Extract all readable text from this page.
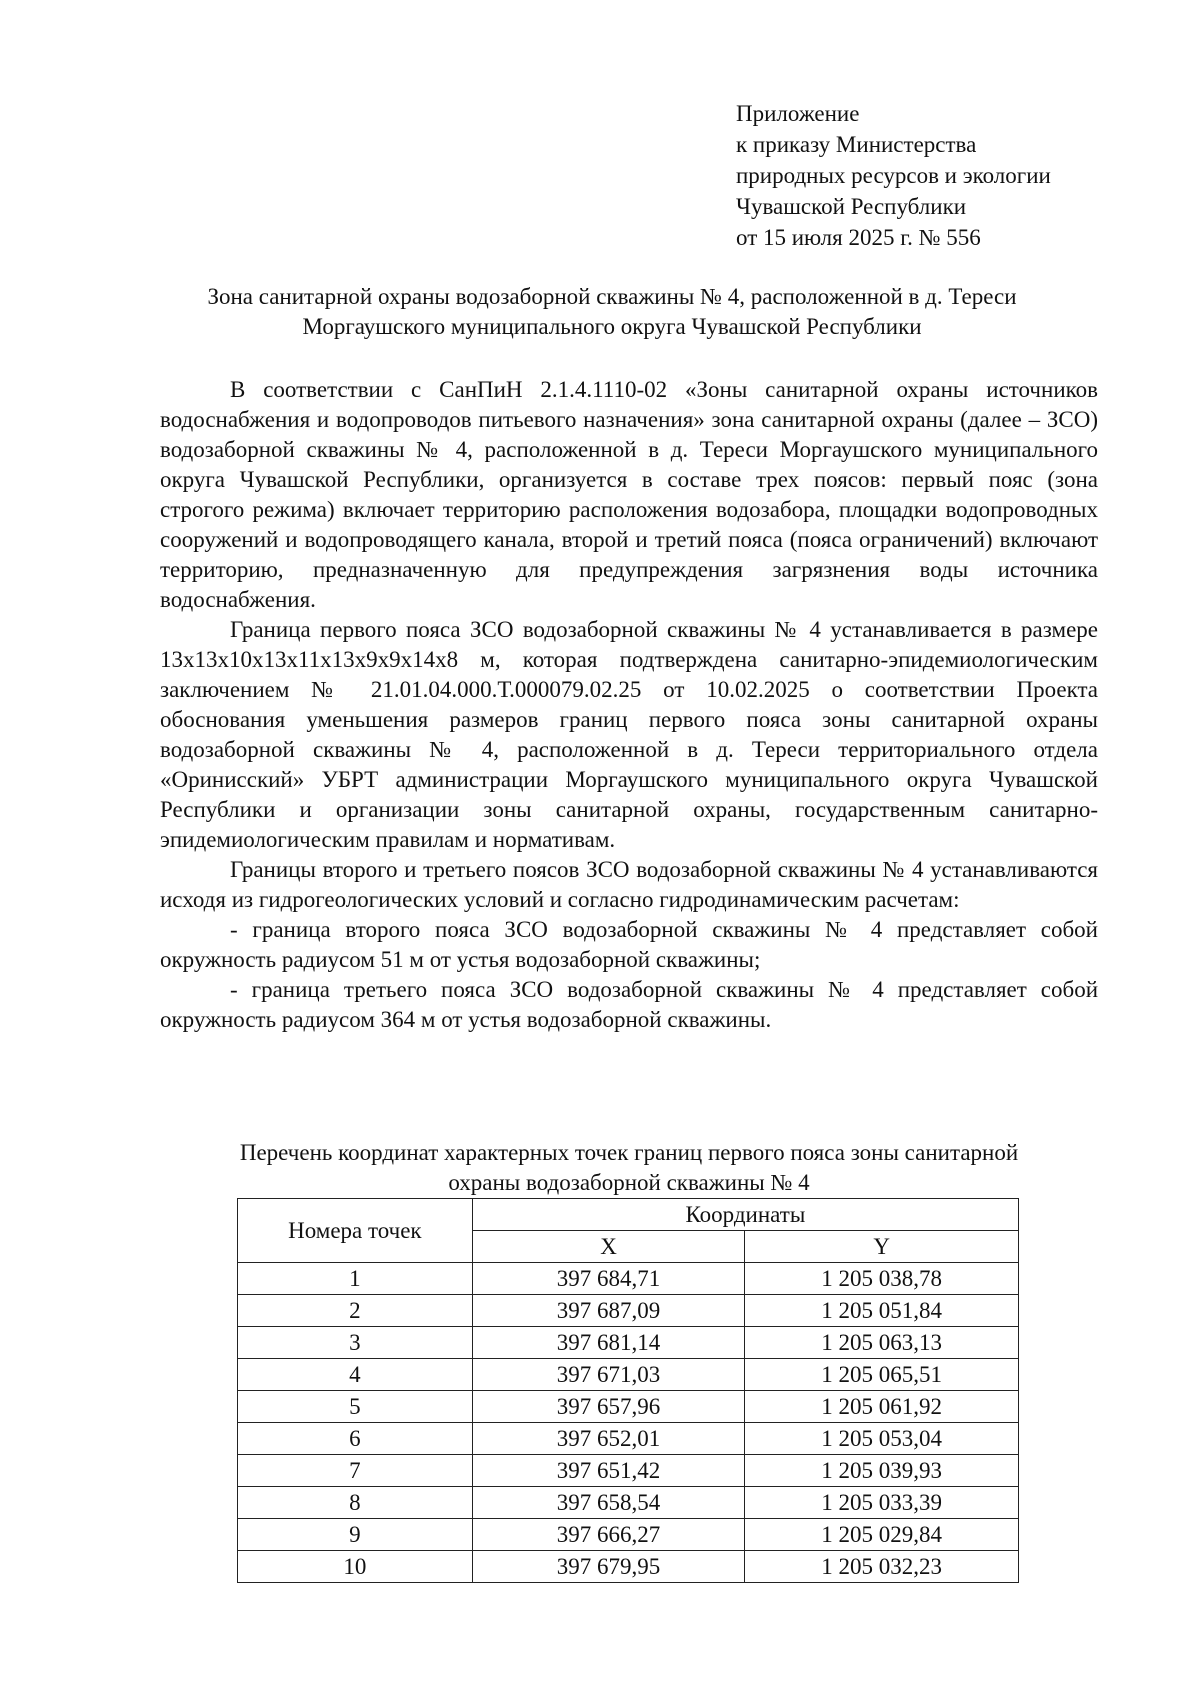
Приложение
к приказу Министерства
природных ресурсов и экологии
Чувашской Республики
от 15 июля 2025 г. № 556
Зона санитарной охраны водозаборной скважины № 4, расположенной в д. Тереси
Моргаушского муниципального округа Чувашской Республики

В соответствии с СанПиН 2.1.4.1110-02 «Зоны санитарной охраны источников водоснабжения и водопроводов питьевого назначения» зона санитарной охраны (далее – ЗСО) водозаборной скважины № 4, расположенной в д. Тереси Моргаушского муниципального округа Чувашской Республики, организуется в составе трех поясов: первый пояс (зона строгого режима) включает территорию расположения водозабора, площадки водопроводных сооружений и водопроводящего канала, второй и третий пояса (пояса ограничений) включают территорию, предназначенную для предупреждения загрязнения воды источника водоснабжения.

Граница первого пояса ЗСО водозаборной скважины № 4 устанавливается в размере 13х13х10х13х11х13х9х9х14х8 м, которая подтверждена санитарно-эпидемиологическим заключением № 21.01.04.000.Т.000079.02.25 от 10.02.2025 о соответствии Проекта обоснования уменьшения размеров границ первого пояса зоны санитарной охраны водозаборной скважины № 4, расположенной в д. Тереси территориального отдела «Оринисский» УБРТ администрации Моргаушского муниципального округа Чувашской Республики и организации зоны санитарной охраны, государственным санитарно-эпидемиологическим правилам и нормативам.

Границы второго и третьего поясов ЗСО водозаборной скважины № 4 устанавливаются исходя из гидрогеологических условий и согласно гидродинамическим расчетам:

- граница второго пояса ЗСО водозаборной скважины № 4 представляет собой окружность радиусом 51 м от устья водозаборной скважины;

- граница третьего пояса ЗСО водозаборной скважины № 4 представляет собой окружность радиусом 364 м от устья водозаборной скважины.

Перечень координат характерных точек границ первого пояса зоны санитарной
охраны водозаборной скважины № 4
Номера точек	Координаты	
	X	Y
1	397 684,71	1 205 038,78
2	397 687,09	1 205 051,84
3	397 681,14	1 205 063,13
4	397 671,03	1 205 065,51
5	397 657,96	1 205 061,92
6	397 652,01	1 205 053,04
7	397 651,42	1 205 039,93
8	397 658,54	1 205 033,39
9	397 666,27	1 205 029,84
10	397 679,95	1 205 032,23
